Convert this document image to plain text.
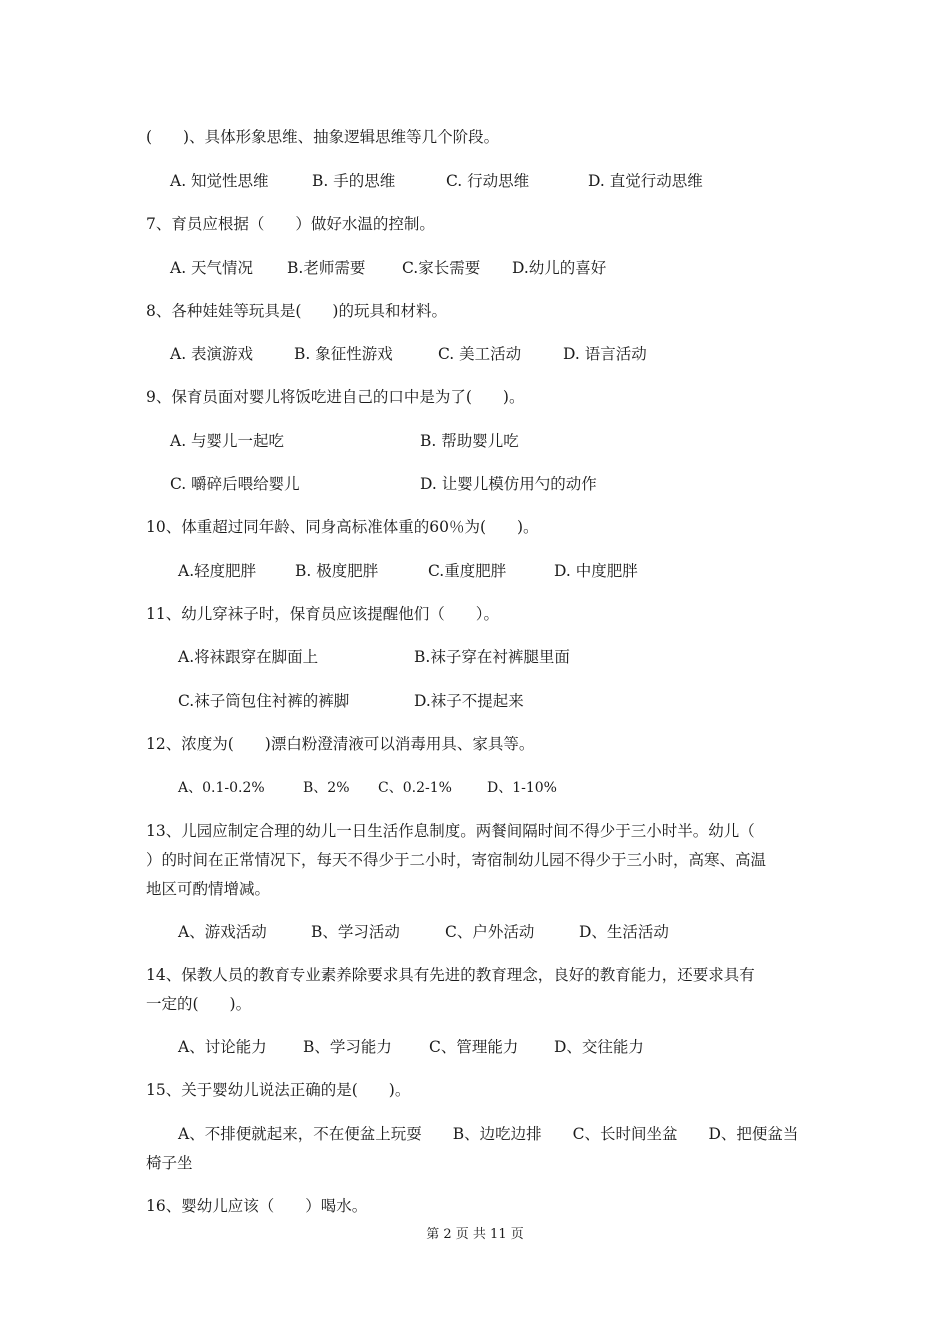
(　　)、具体形象思维、抽象逻辑思维等几个阶段。
A. 知觉性思维	B. 手的思维	C. 行动思维	D. 直觉行动思维
7、育员应根据（　　）做好水温的控制。
A. 天气情况 B.老师需要 C.家长需要 D.幼儿的喜好
8、各种娃娃等玩具是(　　)的玩具和材料。
A. 表演游戏	B. 象征性游戏	C. 美工活动	D. 语言活动
9、保育员面对婴儿将饭吃进自己的口中是为了(　　)。
A. 与婴儿一起吃	B. 帮助婴儿吃
C. 嚼碎后喂给婴儿	D. 让婴儿模仿用勺的动作
10、体重超过同年龄、同身高标准体重的60％为(　　)。
A.轻度肥胖	B. 极度肥胖	C.重度肥胖	D. 中度肥胖
11、幼儿穿袜子时，保育员应该提醒他们（　　）。
A.将袜跟穿在脚面上	B.袜子穿在衬裤腿里面
C.袜子筒包住衬裤的裤脚	D.袜子不提起来
12、浓度为(　　)漂白粉澄清液可以消毒用具、家具等。
A、0.1-0.2%	B、2% C、0.2-1%	D、1-10%
13、儿园应制定合理的幼儿一日生活作息制度。两餐间隔时间不得少于三小时半。幼儿（
）的时间在正常情况下，每天不得少于二小时，寄宿制幼儿园不得少于三小时，高寒、高温
地区可酌情增减。
A、游戏活动	B、学习活动	C、户外活动	D、生活活动
14、保教人员的教育专业素养除要求具有先进的教育理念，良好的教育能力，还要求具有
一定的(　　)。
A、讨论能力 B、学习能力 C、管理能力 D、交往能力
15、关于婴幼儿说法正确的是(　　)。
A、不排便就起来，不在便盆上玩耍　　B、边吃边排　　C、长时间坐盆　　D、把便盆当
椅子坐
16、婴幼儿应该（　　）喝水。
第 2 页 共 11 页
